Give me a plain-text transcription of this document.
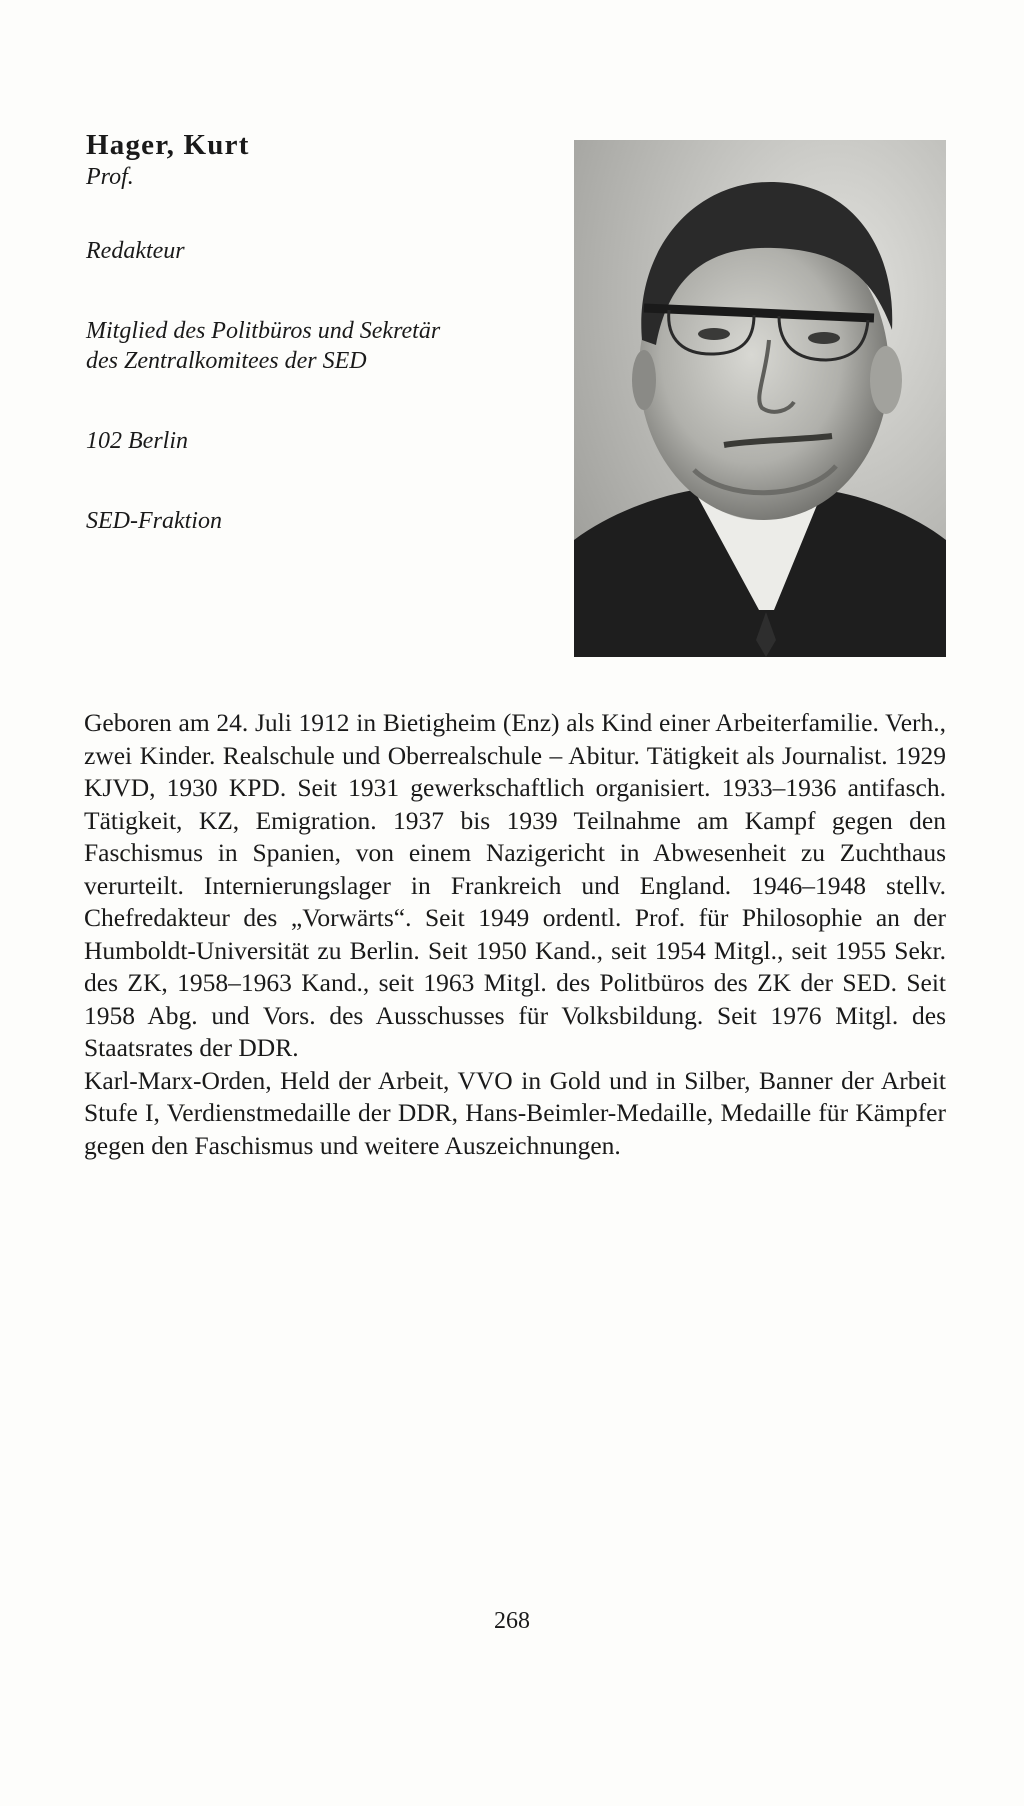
Hager, Kurt

Prof.

Redakteur

Mitglied des Politbüros und Sekretär
des Zentralkomitees der SED

102 Berlin

SED-Fraktion

Geboren am 24. Juli 1912 in Bietigheim (Enz) als Kind einer Arbeiterfamilie. Verh., zwei Kinder. Realschule und Oberrealschule – Abitur. Tätigkeit als Journalist. 1929 KJVD, 1930 KPD. Seit 1931 gewerkschaftlich organisiert. 1933–1936 antifasch. Tätigkeit, KZ, Emigration. 1937 bis 1939 Teilnahme am Kampf gegen den Faschismus in Spanien, von einem Nazigericht in Abwesenheit zu Zuchthaus verurteilt. Internierungslager in Frankreich und England. 1946–1948 stellv. Chefredakteur des „Vorwärts“. Seit 1949 ordentl. Prof. für Philosophie an der Humboldt-Universität zu Berlin. Seit 1950 Kand., seit 1954 Mitgl., seit 1955 Sekr. des ZK, 1958–1963 Kand., seit 1963 Mitgl. des Politbüros des ZK der SED. Seit 1958 Abg. und Vors. des Ausschusses für Volksbildung. Seit 1976 Mitgl. des Staatsrates der DDR.

Karl-Marx-Orden, Held der Arbeit, VVO in Gold und in Silber, Banner der Arbeit Stufe I, Verdienstmedaille der DDR, Hans-Beimler-Medaille, Medaille für Kämpfer gegen den Faschismus und weitere Auszeichnungen.

268
